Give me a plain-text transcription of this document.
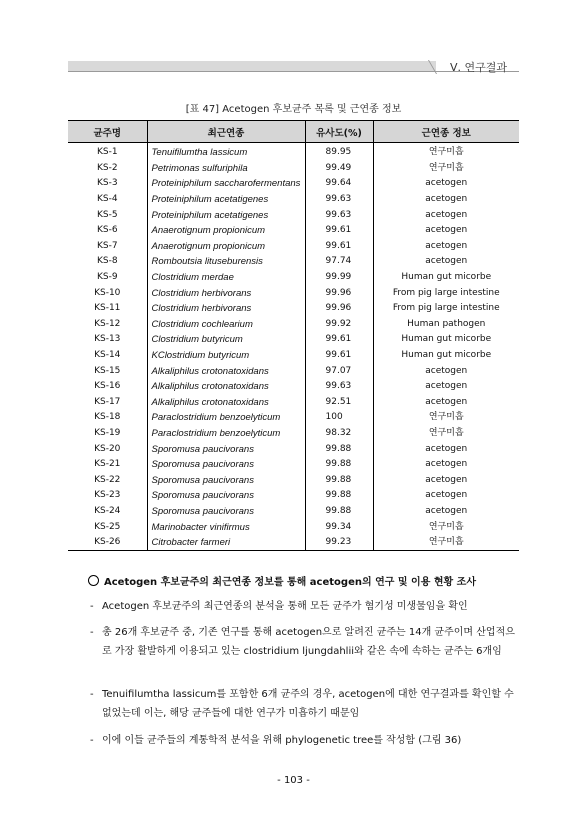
Ⅴ. 연구결과
[표 47] Acetogen 후보균주 목록 및 근연종 정보
균주명	최근연종	유사도(%)	근연종 정보
KS-1	Tenuifilumtha lassicum	89.95	연구미흡
KS-2	Petrimonas sulfuriphila	99.49	연구미흡
KS-3	Proteiniphilum saccharofermentans	99.64	acetogen
KS-4	Proteiniphilum acetatigenes	99.63	acetogen
KS-5	Proteiniphilum acetatigenes	99.63	acetogen
KS-6	Anaerotignum propionicum	99.61	acetogen
KS-7	Anaerotignum propionicum	99.61	acetogen
KS-8	Romboutsia lituseburensis	97.74	acetogen
KS-9	Clostridium merdae	99.99	Human gut micorbe
KS-10	Clostridium herbivorans	99.96	From pig large intestine
KS-11	Clostridium herbivorans	99.96	From pig large intestine
KS-12	Clostridium cochlearium	99.92	Human pathogen
KS-13	Clostridium butyricum	99.61	Human gut micorbe
KS-14	KClostridium butyricum	99.61	Human gut micorbe
KS-15	Alkaliphilus crotonatoxidans	97.07	acetogen
KS-16	Alkaliphilus crotonatoxidans	99.63	acetogen
KS-17	Alkaliphilus crotonatoxidans	92.51	acetogen
KS-18	Paraclostridium benzoelyticum	100	연구미흡
KS-19	Paraclostridium benzoelyticum	98.32	연구미흡
KS-20	Sporomusa paucivorans	99.88	acetogen
KS-21	Sporomusa paucivorans	99.88	acetogen
KS-22	Sporomusa paucivorans	99.88	acetogen
KS-23	Sporomusa paucivorans	99.88	acetogen
KS-24	Sporomusa paucivorans	99.88	acetogen
KS-25	Marinobacter vinifirmus	99.34	연구미흡
KS-26	Citrobacter farmeri	99.23	연구미흡
Acetogen 후보균주의 최근연종 정보를 통해 acetogen의 연구 및 이용 현황 조사
- Acetogen 후보균주의 최근연종의 분석을 통해 모든 균주가 혐기성 미생물임을 확인
- 총 26개 후보균주 중, 기존 연구를 통해 acetogen으로 알려진 균주는 14개 균주이며 산업적으로 가장 활발하게 이용되고 있는 clostridium ljungdahlii와 같은 속에 속하는 균주는 6개임
- Tenuifilumtha lassicum를 포함한 6개 균주의 경우, acetogen에 대한 연구결과를 확인할 수 없었는데 이는, 해당 균주들에 대한 연구가 미흡하기 때문임
- 이에 이들 균주들의 계통학적 분석을 위해 phylogenetic tree를 작성함 (그림 36)
- 103 -
